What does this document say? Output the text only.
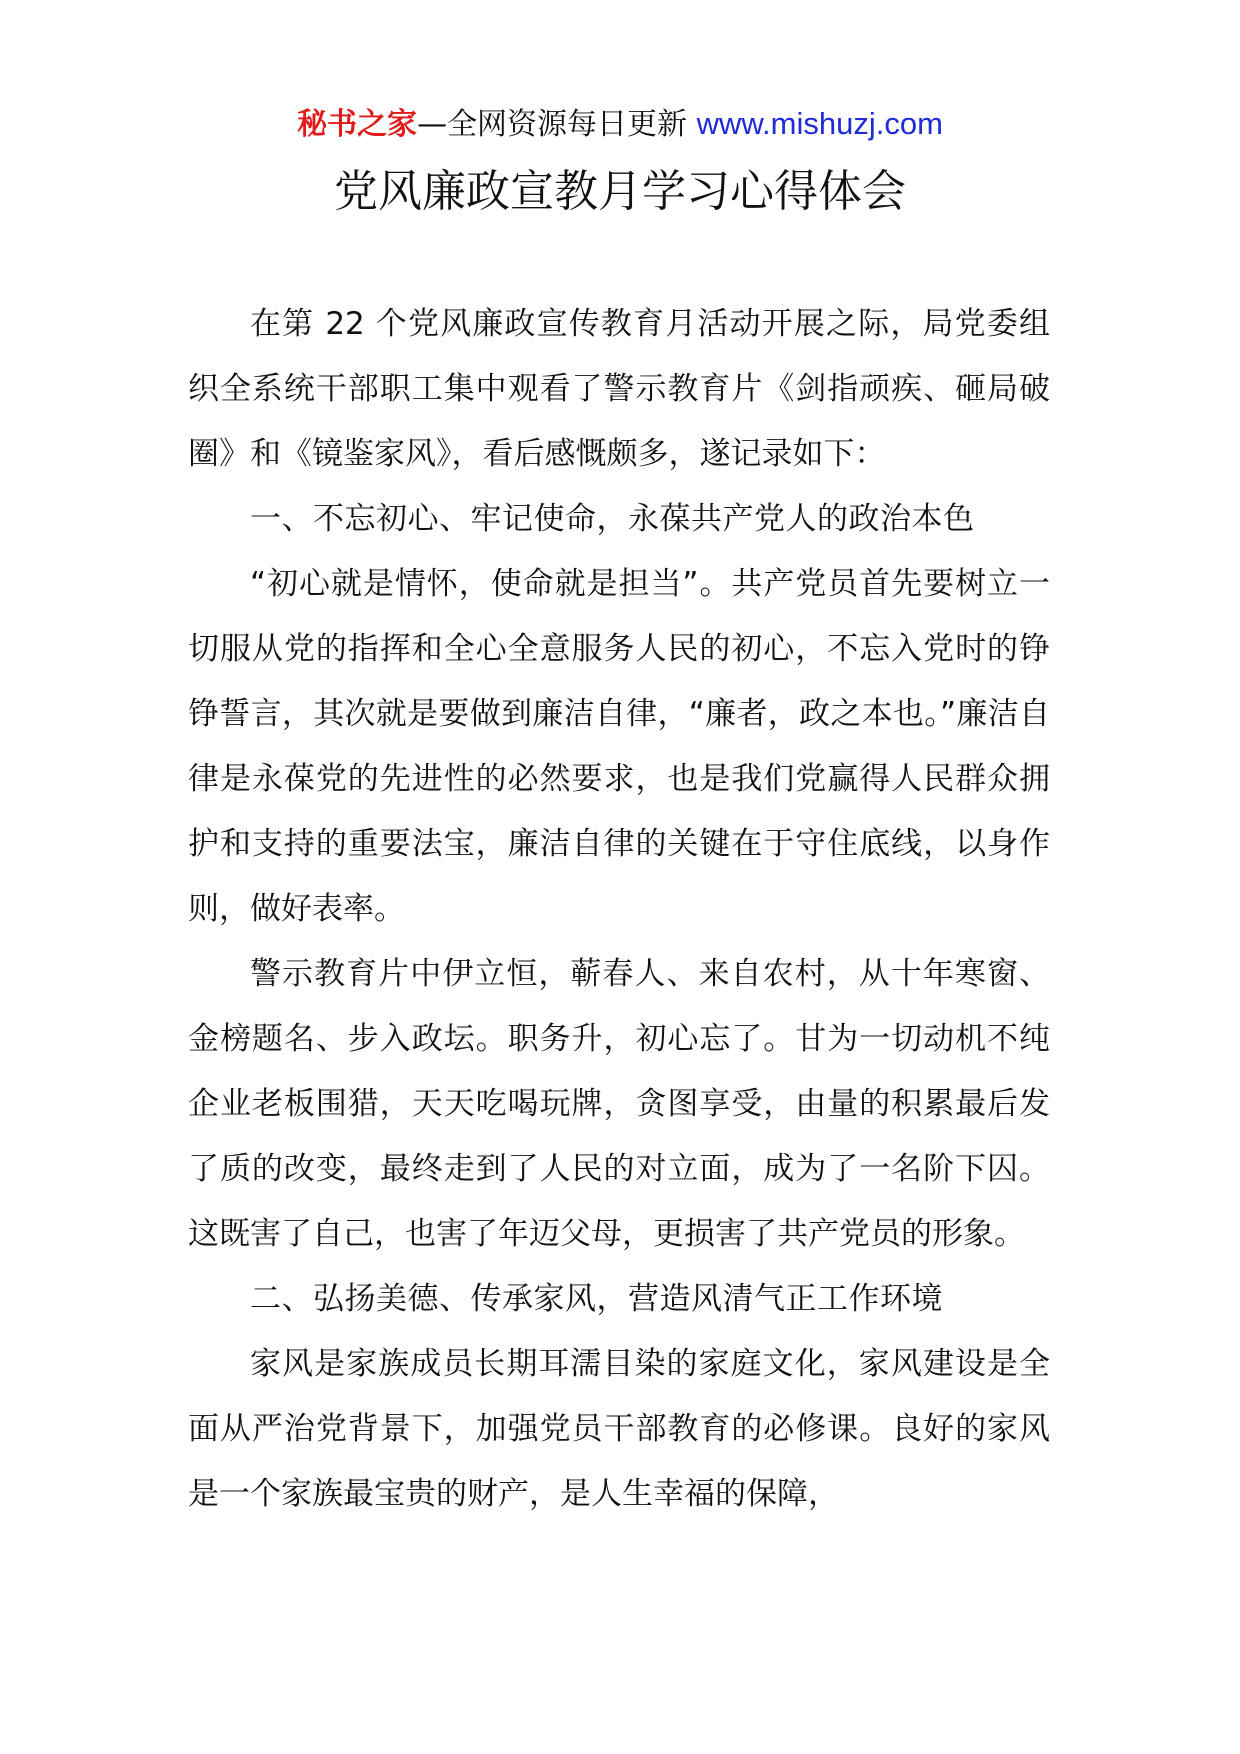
秘书之家—全网资源每日更新 www.mishuzj.com
党风廉政宣教月学习心得体会

在第 22 个党风廉政宣传教育月活动开展之际，局党委组织全系统干部职工集中观看了警示教育片《剑指顽疾、砸局破圈》和《镜鉴家风》，看后感慨颇多，遂记录如下：

一、不忘初心、牢记使命，永葆共产党人的政治本色

“初心就是情怀，使命就是担当”。共产党员首先要树立一切服从党的指挥和全心全意服务人民的初心，不忘入党时的铮铮誓言，其次就是要做到廉洁自律，“廉者，政之本也。”廉洁自律是永葆党的先进性的必然要求，也是我们党赢得人民群众拥护和支持的重要法宝，廉洁自律的关键在于守住底线，以身作则，做好表率。

警示教育片中伊立恒，蕲春人、来自农村，从十年寒窗、金榜题名、步入政坛。职务升，初心忘了。甘为一切动机不纯企业老板围猎，天天吃喝玩牌，贪图享受，由量的积累最后发了质的改变，最终走到了人民的对立面，成为了一名阶下囚。这既害了自己，也害了年迈父母，更损害了共产党员的形象。

二、弘扬美德、传承家风，营造风清气正工作环境

家风是家族成员长期耳濡目染的家庭文化，家风建设是全面从严治党背景下，加强党员干部教育的必修课。良好的家风是一个家族最宝贵的财产，是人生幸福的保障，
